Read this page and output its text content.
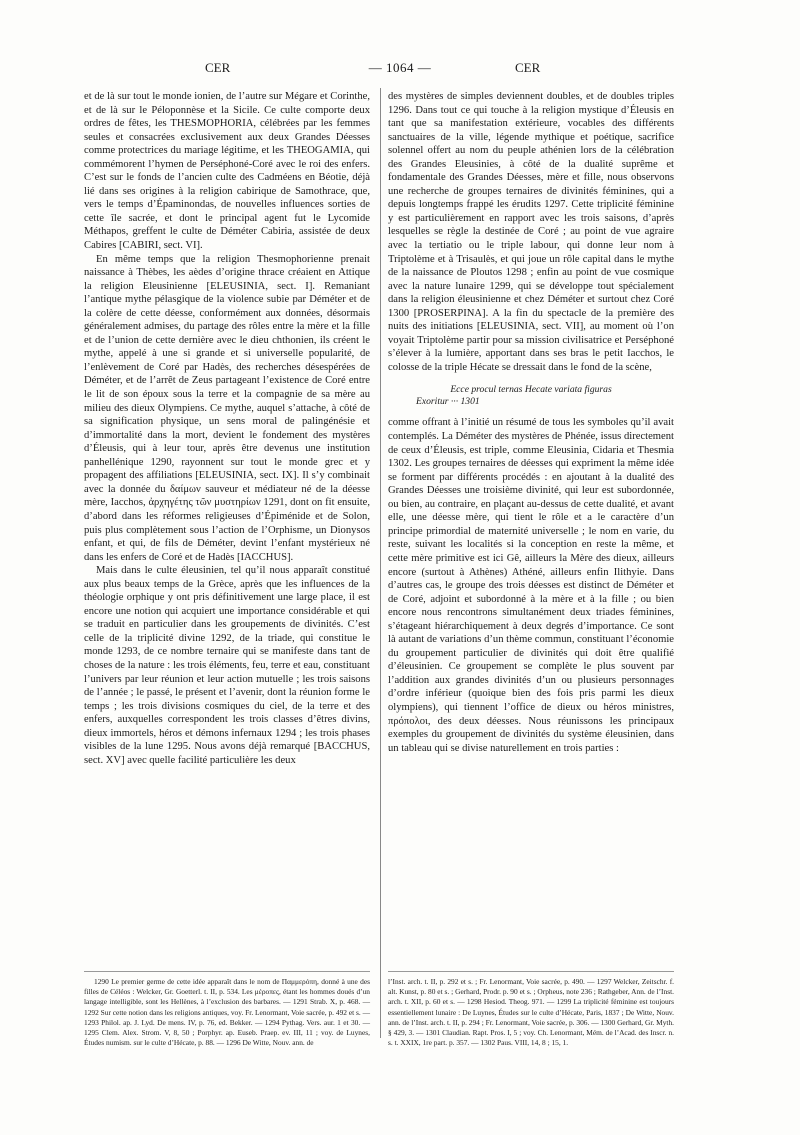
CER	— 1064 —	CER

et de là sur tout le monde ionien, de l’autre sur Mégare et Corinthe, et de là sur le Péloponnèse et la Sicile. Ce culte comporte deux ordres de fêtes, les THESMOPHORIA, célébrées par les femmes seules et consacrées exclusivement aux deux Grandes Déesses comme protectrices du mariage légitime, et les THEOGAMIA, qui commémorent l’hymen de Perséphoné-Coré avec le roi des enfers. C’est sur le fonds de l’ancien culte des Cadméens en Béotie, déjà lié dans ses origines à la religion cabirique de Samothrace, que, vers le temps d’Épaminondas, de nouvelles influences sorties de cette île sacrée, et dont le principal agent fut le Lycomide Méthapos, greffent le culte de Déméter Cabiria, assistée de deux Cabires [CABIRI, sect. VI].

En même temps que la religion Thesmophorienne prenait naissance à Thèbes, les aèdes d’origine thrace créaient en Attique la religion Eleusinienne [ELEUSINIA, sect. I]. Remaniant l’antique mythe pélasgique de la violence subie par Déméter et de la colère de cette déesse, conformément aux données, désormais généralement admises, du partage des rôles entre la mère et la fille et de l’union de cette dernière avec le dieu chthonien, ils créent le mythe, appelé à une si grande et si universelle popularité, de l’enlèvement de Coré par Hadès, des recherches désespérées de Déméter, et de l’arrêt de Zeus partageant l’existence de Coré entre le lit de son époux sous la terre et la compagnie de sa mère au milieu des dieux Olympiens. Ce mythe, auquel s’attache, à côté de sa signification physique, un sens moral de palingénésie et d’immortalité dans la mort, devient le fondement des mystères d’Éleusis, qui à leur tour, après être devenus une institution panhellénique 1290, rayonnent sur tout le monde grec et y propagent des affiliations [ELEUSINIA, sect. IX]. Il s’y combinait avec la donnée du δαίμων sauveur et médiateur né de la déesse mère, Iacchos, ἀρχηγέτης τῶν μυστηρίων 1291, dont on fit ensuite, d’abord dans les réformes religieuses d’Épiménide et de Solon, puis plus complètement sous l’action de l’Orphisme, un Dionysos enfant, et qui, de fils de Déméter, devint l’enfant mystérieux né dans les enfers de Coré et de Hadès [IACCHUS].

Mais dans le culte éleusinien, tel qu’il nous apparaît constitué aux plus beaux temps de la Grèce, après que les influences de la théologie orphique y ont pris définitivement une large place, il est encore une notion qui acquiert une importance considérable et qui se traduit en particulier dans les groupements de divinités. C’est celle de la triplicité divine 1292, de la triade, qui constitue le monde 1293, de ce nombre ternaire qui se manifeste dans tant de choses de la nature : les trois éléments, feu, terre et eau, constituant l’univers par leur réunion et leur action mutuelle ; les trois saisons de l’année ; le passé, le présent et l’avenir, dont la réunion forme le temps ; les trois divisions cosmiques du ciel, de la terre et des enfers, auxquelles correspondent les trois classes d’êtres divins, dieux immortels, héros et démons infernaux 1294 ; les trois phases visibles de la lune 1295. Nous avons déjà remarqué [BACCHUS, sect. XV] avec quelle facilité particulière les deux

des mystères de simples deviennent doubles, et de doubles triples 1296. Dans tout ce qui touche à la religion mystique d’Éleusis en tant que sa manifestation extérieure, vocables des différents sanctuaires de la ville, légende mythique et poétique, sacrifice solennel offert au nom du peuple athénien lors de la célébration des Grandes Eleusinies, à côté de la dualité suprême et fondamentale des Grandes Déesses, mère et fille, nous observons une recherche de groupes ternaires de divinités féminines, qui a depuis longtemps frappé les érudits 1297. Cette triplicité féminine y est particulièrement en rapport avec les trois saisons, d’après lesquelles se règle la destinée de Coré ; au point de vue agraire avec la tertiatio ou le triple labour, qui donne leur nom à Triptolème et à Trisaulès, et qui joue un rôle capital dans le mythe de la naissance de Ploutos 1298 ; enfin au point de vue cosmique avec la nature lunaire 1299, qui se développe tout spécialement dans la religion éleusinienne et chez Déméter et surtout chez Coré 1300 [PROSERPINA]. A la fin du spectacle de la première des nuits des initiations [ELEUSINIA, sect. VII], au moment où l’on voyait Triptolème partir pour sa mission civilisatrice et Perséphoné s’élever à la lumière, apportant dans ses bras le petit Iacchos, le colosse de la triple Hécate se dressait dans le fond de la scène,

Ecce procul ternas Hecate variata figuras

Exoritur ··· 1301

comme offrant à l’initié un résumé de tous les symboles qu’il avait contemplés. La Déméter des mystères de Phénée, issus directement de ceux d’Éleusis, est triple, comme Eleusinia, Cidaria et Thesmia 1302. Les groupes ternaires de déesses qui expriment la même idée se forment par différents procédés : en ajoutant à la dualité des Grandes Déesses une troisième divinité, qui leur est subordonnée, ou bien, au contraire, en plaçant au-dessus de cette dualité, et avant elle, une déesse mère, qui tient le rôle et a le caractère d’un principe primordial de maternité universelle ; le nom en varie, du reste, suivant les localités si la conception en reste la même, et cette mère primitive est ici Gê, ailleurs la Mère des dieux, ailleurs encore (surtout à Athènes) Athéné, ailleurs enfin Ilithyie. Dans d’autres cas, le groupe des trois déesses est distinct de Déméter et de Coré, adjoint et subordonné à la mère et à la fille ; ou bien encore nous rencontrons simultanément deux triades féminines, s’étageant hiérarchiquement à deux degrés d’importance. Ce sont là autant de variations d’un thème commun, constituant l’économie du groupement particulier de divinités qui doit être qualifié d’éleusinien. Ce groupement se complète le plus souvent par l’addition aux grandes divinités d’un ou plusieurs personnages d’ordre inférieur (quoique bien des fois pris parmi les dieux olympiens), qui tiennent l’office de dieux ou héros ministres, πρόπολοι, des deux déesses. Nous réunissons les principaux exemples du groupement de divinités du système éleusinien, dans un tableau qui se divise naturellement en trois parties :

1290 Le premier germe de cette idée apparaît dans le nom de Παμμερόπη, donné à une des filles de Céléos : Welcker, Gr. Goetterl. t. II, p. 534. Les μέροπες, étant les hommes doués d’un langage intelligible, sont les Hellènes, à l’exclusion des barbares. — 1291 Strab. X, p. 468. — 1292 Sur cette notion dans les religions antiques, voy. Fr. Lenormant, Voie sacrée, p. 492 et s. — 1293 Philol. ap. J. Lyd. De mens. IV, p. 76, ed. Bekker. — 1294 Pythag. Vers. aur. 1 et 30. — 1295 Clem. Alex. Strom. V, 8, 50 ; Porphyr. ap. Euseb. Praep. ev. III, 11 ; voy. de Luynes, Études numism. sur le culte d’Hécate, p. 88. — 1296 De Witte, Nouv. ann. de

l’Inst. arch. t. II, p. 292 et s. ; Fr. Lenormant, Voie sacrée, p. 490. — 1297 Welcker, Zeitschr. f. alt. Kunst, p. 80 et s. ; Gerhard, Prodr. p. 90 et s. ; Orpheus, note 236 ; Rathgeber, Ann. de l’Inst. arch. t. XII, p. 60 et s. — 1298 Hesiod. Theog. 971. — 1299 La triplicité féminine est toujours essentiellement lunaire : De Luynes, Études sur le culte d’Hécate, Paris, 1837 ; De Witte, Nouv. ann. de l’Inst. arch. t. II, p. 294 ; Fr. Lenormant, Voie sacrée, p. 306. — 1300 Gerhard, Gr. Myth. § 429, 3. — 1301 Claudian. Rapt. Pros. I, 5 ; voy. Ch. Lenormant, Mém. de l’Acad. des Inscr. n. s. t. XXIX, 1re part. p. 357. — 1302 Paus. VIII, 14, 8 ; 15, 1.
